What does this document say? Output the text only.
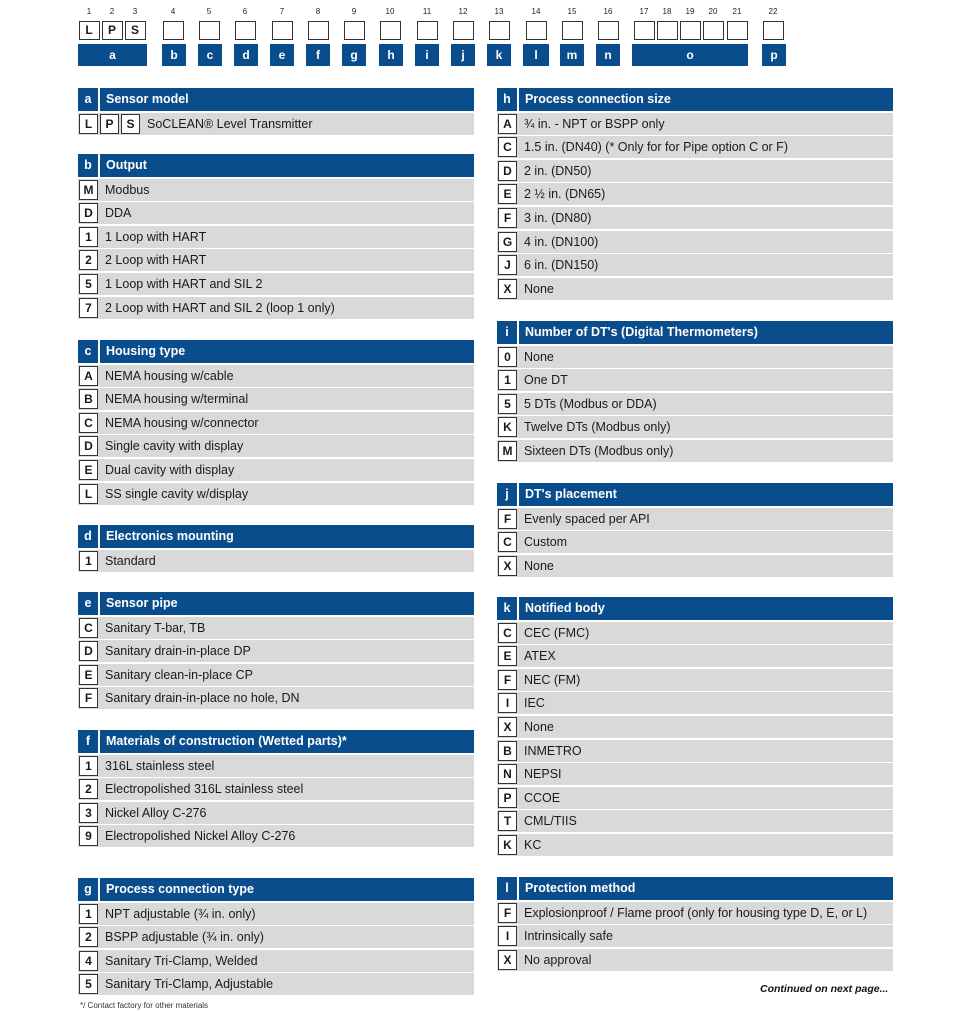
1
L
2
P
3
S
4	5	6	7	8	9	10	11	12	13	14	15	16	17	18	19	20	21	22
a	b	c	d	e	f	g	h	i	j	k	l	m	n	o	p
a	Sensor model
L	P	S	SoCLEAN® Level Transmitter
b	Output
M Modbus
D DDA
1	1 Loop with HART
2	2 Loop with HART
5	1 Loop with HART and SIL 2
7	2 Loop with HART and SIL 2 (loop 1 only)
c	Housing type
A NEMA housing w/cable
B NEMA housing w/terminal
C NEMA housing w/connector
D Single cavity with display
E	Dual cavity with display
L	SS single cavity w/display
d	Electronics mounting
1	Standard
e	Sensor pipe
C Sanitary T-bar, TB
D Sanitary drain-in-place DP
E	Sanitary clean-in-place CP
F	Sanitary drain-in-place no hole, DN
f	Materials of construction (Wetted parts)*
1	316L stainless steel
2	Electropolished 316L stainless steel
3	Nickel Alloy C-276
9	Electropolished Nickel Alloy C-276
g	Process connection type
1	NPT adjustable (¾ in. only)
2	BSPP adjustable (¾ in. only)
4	Sanitary Tri-Clamp, Welded
5	Sanitary Tri-Clamp, Adjustable
h	Process connection size
A ¾ in. - NPT or BSPP only
C 1.5 in. (DN40) (* Only for for Pipe option C or F)
D 2 in. (DN50)
E	2 ½ in. (DN65)
F	3 in. (DN80)
G 4 in. (DN100)
J	6 in. (DN150)
X	None
i	Number of DT's (Digital Thermometers)
0	None
1	One DT
5	5 DTs (Modbus or DDA)
K Twelve DTs (Modbus only)
M Sixteen DTs (Modbus only)
j	DT's placement
F	Evenly spaced per API
C Custom
X	None
k	Notified body
C CEC (FMC)
E	ATEX
F	NEC (FM)
I	IEC
X	None
B INMETRO
N NEPSI
P	CCOE
T	CML/TIIS
K KC
l	Protection method
F	Explosionproof / Flame proof (only for housing type D, E, or L)
I	Intrinsically safe
X	No approval
*/ Contact factory for other materials
Continued on next page...
